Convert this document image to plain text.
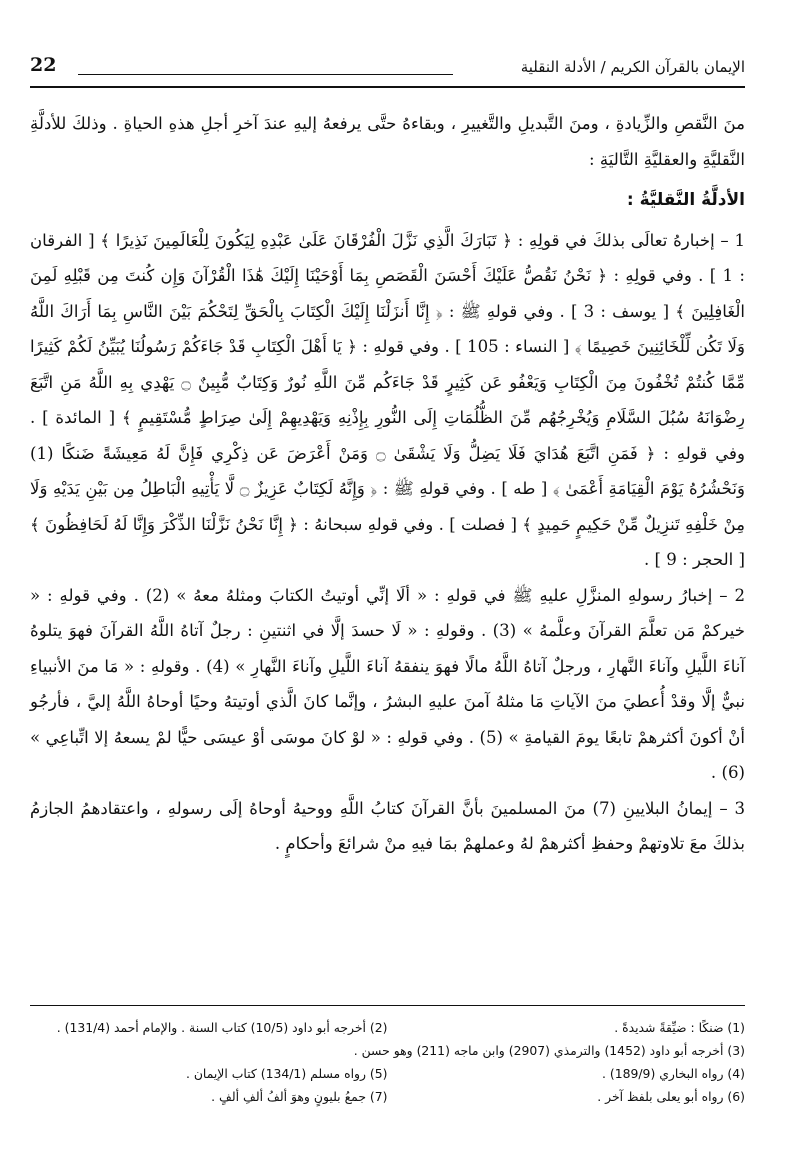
22	الإيمان بالقرآن الكريم / الأدلة النقلية

منَ النَّقصِ والزِّيادةِ ، ومنَ التَّبديلِ والتَّغييرِ ، وبقاءهُ حتَّى يرفعهُ إليهِ عندَ آخرِ أجلِ هذهِ الحياةِ . وذلكَ للأدلَّةِ النَّقليَّةِ والعقليَّةِ التَّاليَةِ :

الأدلَّةُ النَّقليَّةُ :

1 – إخبارهُ تعالَى بذلكَ في قولِهِ : ﴿ تَبَارَكَ الَّذِي نَزَّلَ الْفُرْقَانَ عَلَىٰ عَبْدِهِ لِيَكُونَ لِلْعَالَمِينَ نَذِيرًا ﴾ [ الفرقان : 1 ] . وفي قولِهِ : ﴿ نَحْنُ نَقُصُّ عَلَيْكَ أَحْسَنَ الْقَصَصِ بِمَا أَوْحَيْنَا إِلَيْكَ هَٰذَا الْقُرْآنَ وَإِن كُنتَ مِن قَبْلِهِ لَمِنَ الْغَافِلِينَ ﴾ [ يوسف : 3 ] . وفي قولهِ ﷺ : ﴿ إِنَّا أَنزَلْنَا إِلَيْكَ الْكِتَابَ بِالْحَقِّ لِتَحْكُمَ بَيْنَ النَّاسِ بِمَا أَرَاكَ اللَّهُ وَلَا تَكُن لِّلْخَائِنِينَ خَصِيمًا ﴾ [ النساء : 105 ] . وفي قولهِ : ﴿ يَا أَهْلَ الْكِتَابِ قَدْ جَاءَكُمْ رَسُولُنَا يُبَيِّنُ لَكُمْ كَثِيرًا مِّمَّا كُنتُمْ تُخْفُونَ مِنَ الْكِتَابِ وَيَعْفُو عَن كَثِيرٍ قَدْ جَاءَكُم مِّنَ اللَّهِ نُورٌ وَكِتَابٌ مُّبِينٌ ۝ يَهْدِي بِهِ اللَّهُ مَنِ اتَّبَعَ رِضْوَانَهُ سُبُلَ السَّلَامِ وَيُخْرِجُهُم مِّنَ الظُّلُمَاتِ إِلَى النُّورِ بِإِذْنِهِ وَيَهْدِيهِمْ إِلَىٰ صِرَاطٍ مُّسْتَقِيمٍ ﴾ [ المائدة ] . وفي قولهِ : ﴿ فَمَنِ اتَّبَعَ هُدَايَ فَلَا يَضِلُّ وَلَا يَشْقَىٰ ۝ وَمَنْ أَعْرَضَ عَن ذِكْرِي فَإِنَّ لَهُ مَعِيشَةً ضَنكًا (1) وَنَحْشُرُهُ يَوْمَ الْقِيَامَةِ أَعْمَىٰ ﴾ [ طه ] . وفي قولهِ ﷺ : ﴿ وَإِنَّهُ لَكِتَابٌ عَزِيزٌ ۝ لَّا يَأْتِيهِ الْبَاطِلُ مِن بَيْنِ يَدَيْهِ وَلَا مِنْ خَلْفِهِ تَنزِيلٌ مِّنْ حَكِيمٍ حَمِيدٍ ﴾ [ فصلت ] . وفي قولهِ سبحانهُ : ﴿ إِنَّا نَحْنُ نَزَّلْنَا الذِّكْرَ وَإِنَّا لَهُ لَحَافِظُونَ ﴾ [ الحجر : 9 ] .

2 – إخبارُ رسولهِ المنزَّلِ عليهِ ﷺ في قولهِ : « ألَا إنِّي أوتيتُ الكتابَ ومثلهُ معهُ » (2) . وفي قولهِ : « خيركمْ مَن تعلَّمَ القرآنَ وعلَّمهُ » (3) . وقولهِ : « لَا حسدَ إلَّا في اثنتينِ : رجلٌ آتاهُ اللَّهُ القرآنَ فهوَ يتلوهُ آناءَ اللَّيلِ وآناءَ النَّهارِ ، ورجلٌ آتاهُ اللَّهُ مالًا فهوَ ينفقهُ آناءَ اللَّيلِ وآناءَ النَّهارِ » (4) . وقولهِ : « مَا منَ الأنبياءِ نبيٌّ إلَّا وقدْ أُعطيَ منَ الآياتِ مَا مثلهُ آمنَ عليهِ البشرُ ، وإنَّما كانَ الَّذي أوتيتهُ وحيًا أوحاهُ اللَّهُ إليَّ ، فأرجُو أنْ أكونَ أكثرهمْ تابعًا يومَ القيامةِ » (5) . وفي قولهِ : « لوْ كانَ موسَى أوْ عيسَى حيًّا لمْ يسعهُ إلا اتِّباعِي » (6) .

3 – إيمانُ البلايينِ (7) منَ المسلمينَ بأنَّ القرآنَ كتابُ اللَّهِ ووحيهُ أوحاهُ إلَى رسولهِ ، واعتقادهمُ الجازمُ بذلكَ معَ تلاوتهمْ وحفظِ أكثرهمْ لهُ وعملهمْ بمَا فيهِ منْ شرائعَ وأحكامٍ .

(1) ضنكًا : ضيِّقةً شديدةً .
(2) أخرجه أبو داود (10/5) كتاب السنة . والإمام أحمد (131/4) .
(3) أخرجه أبو داود (1452) والترمذي (2907) وابن ماجه (211) وهو حسن .
(4) رواه البخاري (189/9) .
(5) رواه مسلم (134/1) كتاب الإيمان .
(6) رواه أبو يعلى بلفظ آخر .
(7) جمعُ بليونٍ وهوَ ألفُ ألفِ ألفٍ .
